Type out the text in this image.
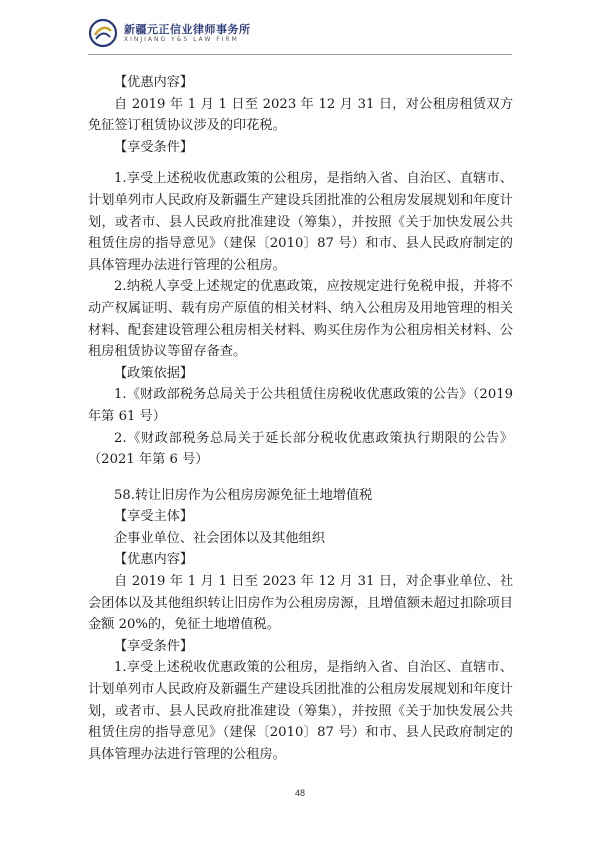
新疆元正信业律师事务所
XINJIANG Y&S LAW FIRM

【优惠内容】

自 2019 年 1 月 1 日至 2023 年 12 月 31 日，对公租房租赁双方免征签订租赁协议涉及的印花税。

【享受条件】

1.享受上述税收优惠政策的公租房，是指纳入省、自治区、直辖市、计划单列市人民政府及新疆生产建设兵团批准的公租房发展规划和年度计划，或者市、县人民政府批准建设（筹集），并按照《关于加快发展公共租赁住房的指导意见》（建保〔2010〕87 号）和市、县人民政府制定的具体管理办法进行管理的公租房。

2.纳税人享受上述规定的优惠政策，应按规定进行免税申报，并将不动产权属证明、载有房产原值的相关材料、纳入公租房及用地管理的相关材料、配套建设管理公租房相关材料、购买住房作为公租房相关材料、公租房租赁协议等留存备查。

【政策依据】

1.《财政部税务总局关于公共租赁住房税收优惠政策的公告》（2019 年第 61 号）

2.《财政部税务总局关于延长部分税收优惠政策执行期限的公告》（2021 年第 6 号）

58.转让旧房作为公租房房源免征土地增值税

【享受主体】

企事业单位、社会团体以及其他组织

【优惠内容】

自 2019 年 1 月 1 日至 2023 年 12 月 31 日，对企事业单位、社会团体以及其他组织转让旧房作为公租房房源，且增值额未超过扣除项目金额 20%的，免征土地增值税。

【享受条件】

1.享受上述税收优惠政策的公租房，是指纳入省、自治区、直辖市、计划单列市人民政府及新疆生产建设兵团批准的公租房发展规划和年度计划，或者市、县人民政府批准建设（筹集），并按照《关于加快发展公共租赁住房的指导意见》（建保〔2010〕87 号）和市、县人民政府制定的具体管理办法进行管理的公租房。

48
